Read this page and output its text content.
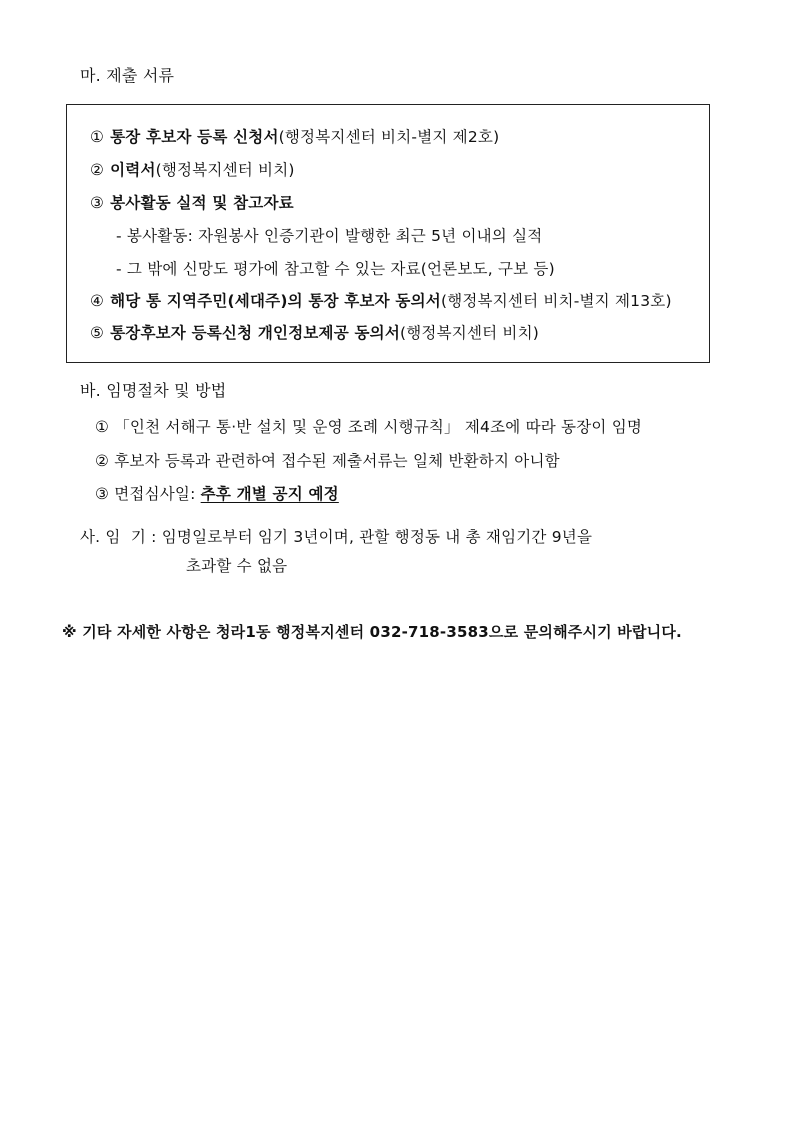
마. 제출 서류
① 통장 후보자 등록 신청서(행정복지센터 비치-별지 제2호)
② 이력서(행정복지센터 비치)
③ 봉사활동 실적 및 참고자료
- 봉사활동: 자원봉사 인증기관이 발행한 최근 5년 이내의 실적
- 그 밖에 신망도 평가에 참고할 수 있는 자료(언론보도, 구보 등)
④ 해당 통 지역주민(세대주)의 통장 후보자 동의서(행정복지센터 비치-별지 제13호)
⑤ 통장후보자 등록신청 개인정보제공 동의서(행정복지센터 비치)
바. 임명절차 및 방법
① 「인천 서해구 통·반 설치 및 운영 조례 시행규칙」 제4조에 따라 동장이 임명
② 후보자 등록과 관련하여 접수된 제출서류는 일체 반환하지 아니함
③ 면접심사일: 추후 개별 공지 예정
사. 임  기 : 임명일로부터 임기 3년이며, 관할 행정동 내 총 재임기간 9년을
초과할 수 없음
※ 기타 자세한 사항은 청라1동 행정복지센터 032-718-3583으로 문의해주시기 바랍니다.
